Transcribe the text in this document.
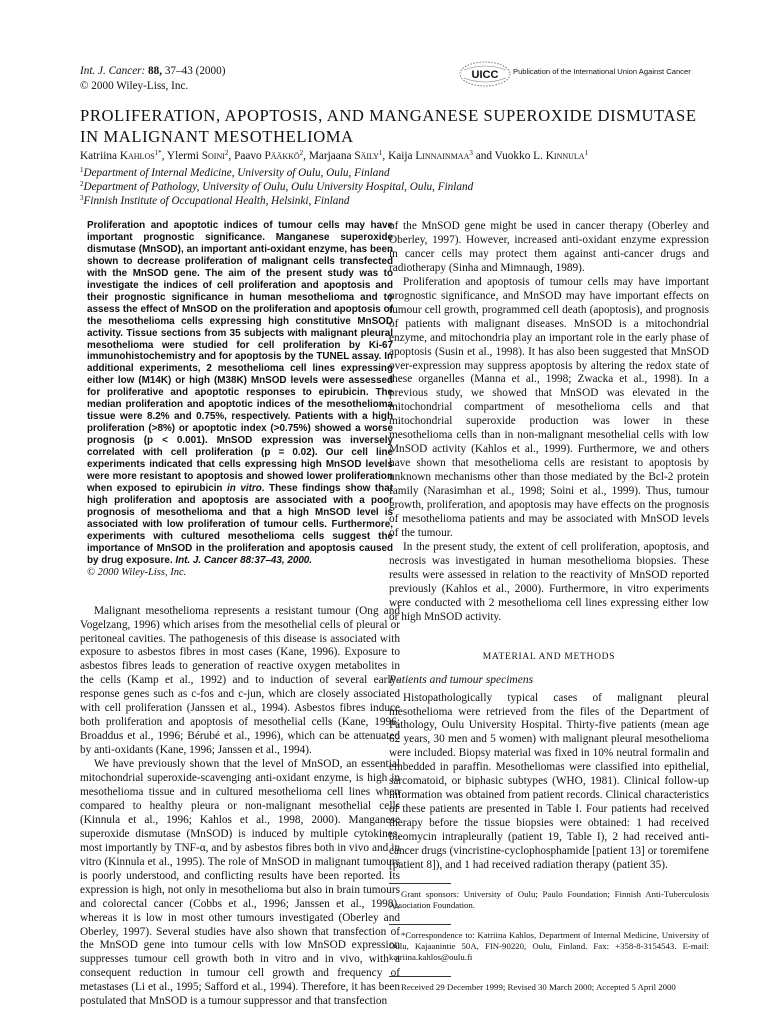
Int. J. Cancer: 88, 37–43 (2000)
© 2000 Wiley-Liss, Inc.
UICC Publication of the International Union Against Cancer
PROLIFERATION, APOPTOSIS, AND MANGANESE SUPEROXIDE DISMUTASE IN MALIGNANT MESOTHELIOMA
Katriina Kahlos$^{1*}$, Ylermi Soini$^2$, Paavo Pääkkö$^2$, Marjaana Säily$^1$, Kaija Linnainmaa$^3$ and Vuokko L. Kinnula$^1$
$^1$Department of Internal Medicine, University of Oulu, Oulu, Finland
$^2$Department of Pathology, University of Oulu, Oulu University Hospital, Oulu, Finland
$^3$Finnish Institute of Occupational Health, Helsinki, Finland
Proliferation and apoptotic indices of tumour cells may have important prognostic significance. Manganese superoxide dismutase (MnSOD), an important anti-oxidant enzyme, has been shown to decrease proliferation of malignant cells transfected with the MnSOD gene. The aim of the present study was to investigate the indices of cell proliferation and apoptosis and their prognostic significance in human mesothelioma and to assess the effect of MnSOD on the proliferation and apoptosis of the mesothelioma cells expressing high constitutive MnSOD activity. Tissue sections from 35 subjects with malignant pleural mesothelioma were studied for cell proliferation by Ki-67 immunohistochemistry and for apoptosis by the TUNEL assay. In additional experiments, 2 mesothelioma cell lines expressing either low (M14K) or high (M38K) MnSOD levels were assessed for proliferative and apoptotic responses to epirubicin. The median proliferation and apoptotic indices of the mesothelioma tissue were 8.2% and 0.75%, respectively. Patients with a high proliferation (>8%) or apoptotic index (>0.75%) showed a worse prognosis (p < 0.001). MnSOD expression was inversely correlated with cell proliferation (p = 0.02). Our cell line experiments indicated that cells expressing high MnSOD levels were more resistant to apoptosis and showed lower proliferation when exposed to epirubicin in vitro. These findings show that high proliferation and apoptosis are associated with a poor prognosis of mesothelioma and that a high MnSOD level is associated with low proliferation of tumour cells. Furthermore, experiments with cultured mesothelioma cells suggest the importance of MnSOD in the proliferation and apoptosis caused by drug exposure. Int. J. Cancer 88:37–43, 2000.
© 2000 Wiley-Liss, Inc.

Malignant mesothelioma represents a resistant tumour (Ong and Vogelzang, 1996) which arises from the mesothelial cells of pleural or peritoneal cavities. The pathogenesis of this disease is associated with exposure to asbestos fibres in most cases (Kane, 1996). Exposure to asbestos fibres leads to generation of reactive oxygen metabolites in the cells (Kamp et al., 1992) and to induction of several early-response genes such as c-fos and c-jun, which are closely associated with cell proliferation (Janssen et al., 1994). Asbestos fibres induce both proliferation and apoptosis of mesothelial cells (Kane, 1996; Broaddus et al., 1996; Bérubé et al., 1996), which can be attenuated by anti-oxidants (Kane, 1996; Janssen et al., 1994).

We have previously shown that the level of MnSOD, an essential mitochondrial superoxide-scavenging anti-oxidant enzyme, is high in mesothelioma tissue and in cultured mesothelioma cell lines when compared to healthy pleura or non-malignant mesothelial cells (Kinnula et al., 1996; Kahlos et al., 1998, 2000). Manganese superoxide dismutase (MnSOD) is induced by multiple cytokines, most importantly by TNF-α, and by asbestos fibres both in vivo and in vitro (Kinnula et al., 1995). The role of MnSOD in malignant tumours is poorly understood, and conflicting results have been reported. Its expression is high, not only in mesothelioma but also in brain tumours and colorectal cancer (Cobbs et al., 1996; Janssen et al., 1998), whereas it is low in most other tumours investigated (Oberley and Oberley, 1997). Several studies have also shown that transfection of the MnSOD gene into tumour cells with low MnSOD expression suppresses tumour cell growth both in vitro and in vivo, with a consequent reduction in tumour cell growth and frequency of metastases (Li et al., 1995; Safford et al., 1994). Therefore, it has been postulated that MnSOD is a tumour suppressor and that transfection

of the MnSOD gene might be used in cancer therapy (Oberley and Oberley, 1997). However, increased anti-oxidant enzyme expression in cancer cells may protect them against anti-cancer drugs and radiotherapy (Sinha and Mimnaugh, 1989).

Proliferation and apoptosis of tumour cells may have important prognostic significance, and MnSOD may have important effects on tumour cell growth, programmed cell death (apoptosis), and prognosis of patients with malignant diseases. MnSOD is a mitochondrial enzyme, and mitochondria play an important role in the early phase of apoptosis (Susin et al., 1998). It has also been suggested that MnSOD over-expression may suppress apoptosis by altering the redox state of these organelles (Manna et al., 1998; Zwacka et al., 1998). In a previous study, we showed that MnSOD was elevated in the mitochondrial compartment of mesothelioma cells and that mitochondrial superoxide production was lower in these mesothelioma cells than in non-malignant mesothelial cells with low MnSOD activity (Kahlos et al., 1999). Furthermore, we and others have shown that mesothelioma cells are resistant to apoptosis by unknown mechanisms other than those mediated by the Bcl-2 protein family (Narasimhan et al., 1998; Soini et al., 1999). Thus, tumour growth, proliferation, and apoptosis may have effects on the prognosis of mesothelioma patients and may be associated with MnSOD levels of the tumour.

In the present study, the extent of cell proliferation, apoptosis, and necrosis was investigated in human mesothelioma biopsies. These results were assessed in relation to the reactivity of MnSOD reported previously (Kahlos et al., 2000). Furthermore, in vitro experiments were conducted with 2 mesothelioma cell lines expressing either low or high MnSOD activity.

MATERIAL AND METHODS
Patients and tumour specimens

Histopathologically typical cases of malignant pleural mesothelioma were retrieved from the files of the Department of Pathology, Oulu University Hospital. Thirty-five patients (mean age 62 years, 30 men and 5 women) with malignant pleural mesothelioma were included. Biopsy material was fixed in 10% neutral formalin and embedded in paraffin. Mesotheliomas were classified into epithelial, sarcomatoid, or biphasic subtypes (WHO, 1981). Clinical follow-up information was obtained from patient records. Clinical characteristics of these patients are presented in Table I. Four patients had received therapy before the tissue biopsies were obtained: 1 had received bleomycin intrapleurally (patient 19, Table I), 2 had received anti-cancer drugs (vincristine-cyclophosphamide [patient 13] or toremifene [patient 8]), and 1 had received radiation therapy (patient 35).

Grant sponsors: University of Oulu; Paulo Foundation; Finnish Anti-Tuberculosis Association Foundation.
*Correspondence to: Katriina Kahlos, Department of Internal Medicine, University of Oulu, Kajaanintie 50A, FIN-90220, Oulu, Finland. Fax: +358-8-3154543. E-mail: katriina.kahlos@oulu.fi
Received 29 December 1999; Revised 30 March 2000; Accepted 5 April 2000
